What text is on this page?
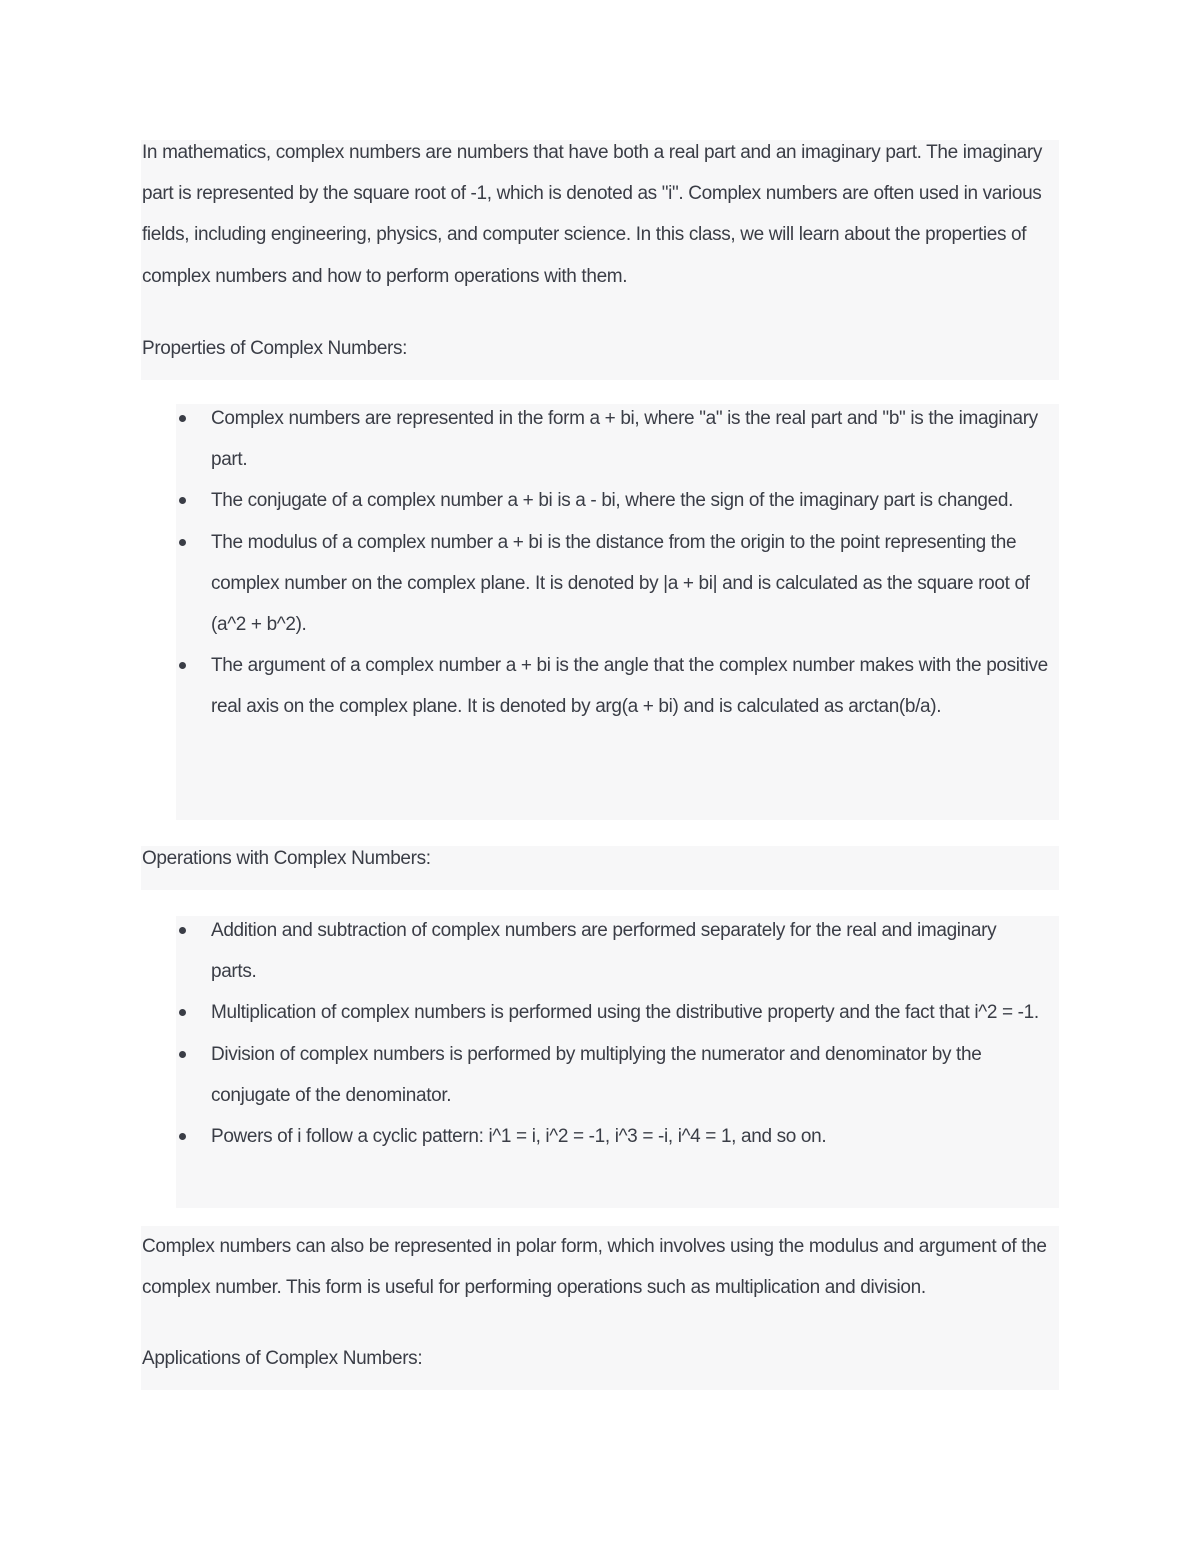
In mathematics, complex numbers are numbers that have both a real part and an imaginary part. The imaginary part is represented by the square root of -1, which is denoted as "i". Complex numbers are often used in various fields, including engineering, physics, and computer science. In this class, we will learn about the properties of complex numbers and how to perform operations with them.

Properties of Complex Numbers:

Complex numbers are represented in the form a + bi, where "a" is the real part and "b" is the imaginary part.
The conjugate of a complex number a + bi is a - bi, where the sign of the imaginary part is changed.
The modulus of a complex number a + bi is the distance from the origin to the point representing the complex number on the complex plane. It is denoted by |a + bi| and is calculated as the square root of (a^2 + b^2).
The argument of a complex number a + bi is the angle that the complex number makes with the positive real axis on the complex plane. It is denoted by arg(a + bi) and is calculated as arctan(b/a).

Operations with Complex Numbers:

Addition and subtraction of complex numbers are performed separately for the real and imaginary parts.
Multiplication of complex numbers is performed using the distributive property and the fact that i^2 = -1.
Division of complex numbers is performed by multiplying the numerator and denominator by the conjugate of the denominator.
Powers of i follow a cyclic pattern: i^1 = i, i^2 = -1, i^3 = -i, i^4 = 1, and so on.

Complex numbers can also be represented in polar form, which involves using the modulus and argument of the complex number. This form is useful for performing operations such as multiplication and division.

Applications of Complex Numbers:
